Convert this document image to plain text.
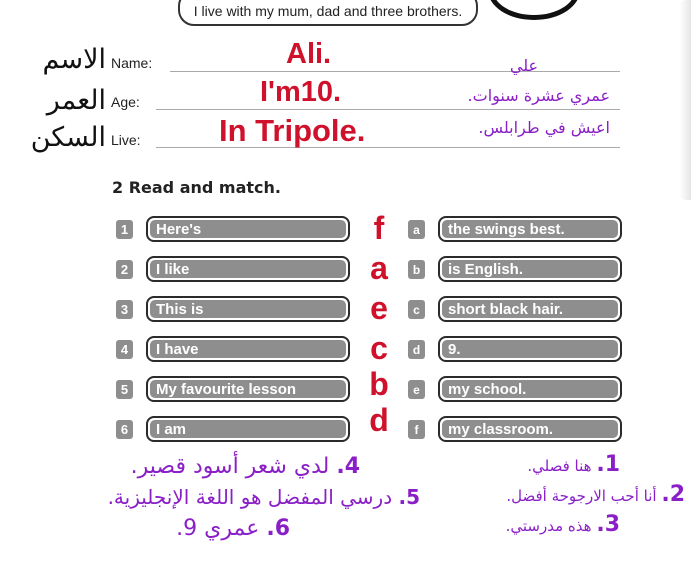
I live with my mum, dad and three brothers.
الاسم Name:	Ali.	علي
العمر Age:	I'm10.	عمري عشرة سنوات.
السكن Live:	In Tripole.	اعيش في طرابلس.
2 Read and match.
1	Here's	f	a	the swings best.
2	I like	a	b	is English.
3	This is	e	c	short black hair.
4	I have	c	d	9.
5	My favourite lesson	b	e	my school.
6	I am	d	f	my classroom.
4. لدي شعر أسود قصير.	1. هنا فصلي.
5. درسي المفضل هو اللغة الإنجليزية.	2. أنا أحب الارجوحة أفضل.
6. عمري 9.	3. هذه مدرستي.
